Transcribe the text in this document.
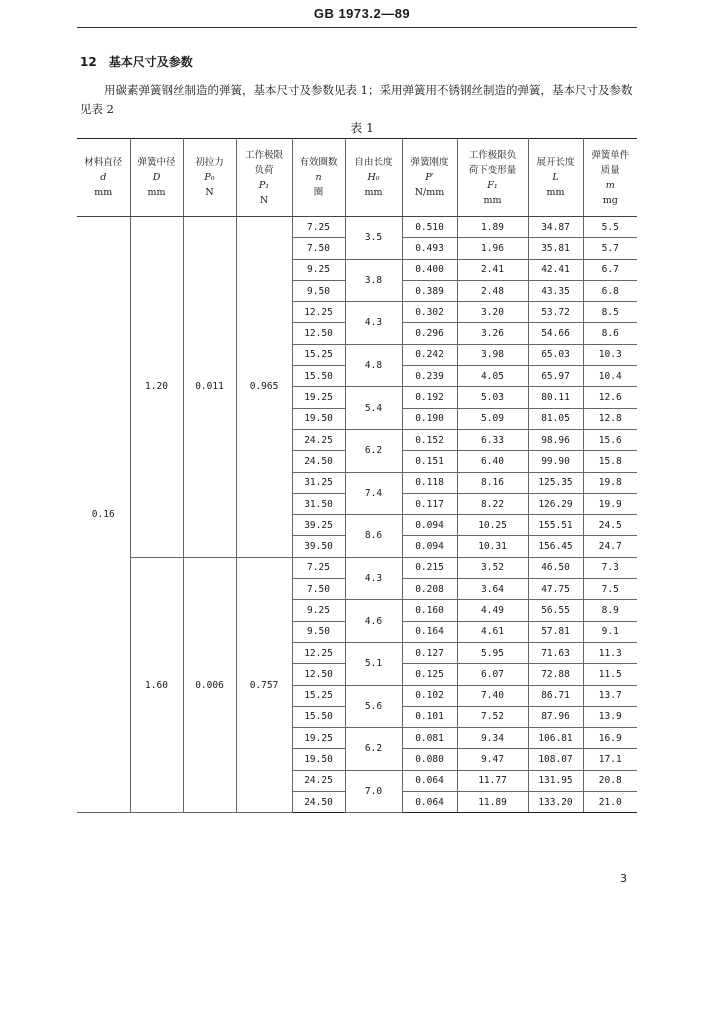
GB 1973.2—89
12　基本尺寸及参数
用碳素弹簧钢丝制造的弹簧，基本尺寸及参数见表 1；采用弹簧用不锈钢丝制造的弹簧，基本尺寸及参数见表 2
表 1
材料直径
d
mm	弹簧中径
D
mm	初拉力
P₀
N	工作极限
负荷
P₁
N	有效圈数
n
圈	自由长度
H₀
mm	弹簧刚度
P′
N/mm	工作极限负
荷下变形量
F₁
mm	展开长度
L
mm	弹簧单件
质量
m
mg

0.16	1.20	0.011	0.965	7.25	3.5	0.510	1.89	34.87	5.5
				7.50		0.493	1.96	35.81	5.7
				9.25	3.8	0.400	2.41	42.41	6.7
				9.50		0.389	2.48	43.35	6.8
				12.25	4.3	0.302	3.20	53.72	8.5
				12.50		0.296	3.26	54.66	8.6
				15.25	4.8	0.242	3.98	65.03	10.3
				15.50		0.239	4.05	65.97	10.4
				19.25	5.4	0.192	5.03	80.11	12.6
				19.50		0.190	5.09	81.05	12.8
				24.25	6.2	0.152	6.33	98.96	15.6
				24.50		0.151	6.40	99.90	15.8
				31.25	7.4	0.118	8.16	125.35	19.8
				31.50		0.117	8.22	126.29	19.9
				39.25	8.6	0.094	10.25	155.51	24.5
				39.50		0.094	10.31	156.45	24.7
	1.60	0.006	0.757	7.25	4.3	0.215	3.52	46.50	7.3
				7.50		0.208	3.64	47.75	7.5
				9.25	4.6	0.160	4.49	56.55	8.9
				9.50		0.164	4.61	57.81	9.1
				12.25	5.1	0.127	5.95	71.63	11.3
				12.50		0.125	6.07	72.88	11.5
				15.25	5.6	0.102	7.40	86.71	13.7
				15.50		0.101	7.52	87.96	13.9
				19.25	6.2	0.081	9.34	106.81	16.9
				19.50		0.080	9.47	108.07	17.1
				24.25	7.0	0.064	11.77	131.95	20.8
				24.50		0.064	11.89	133.20	21.0
3
